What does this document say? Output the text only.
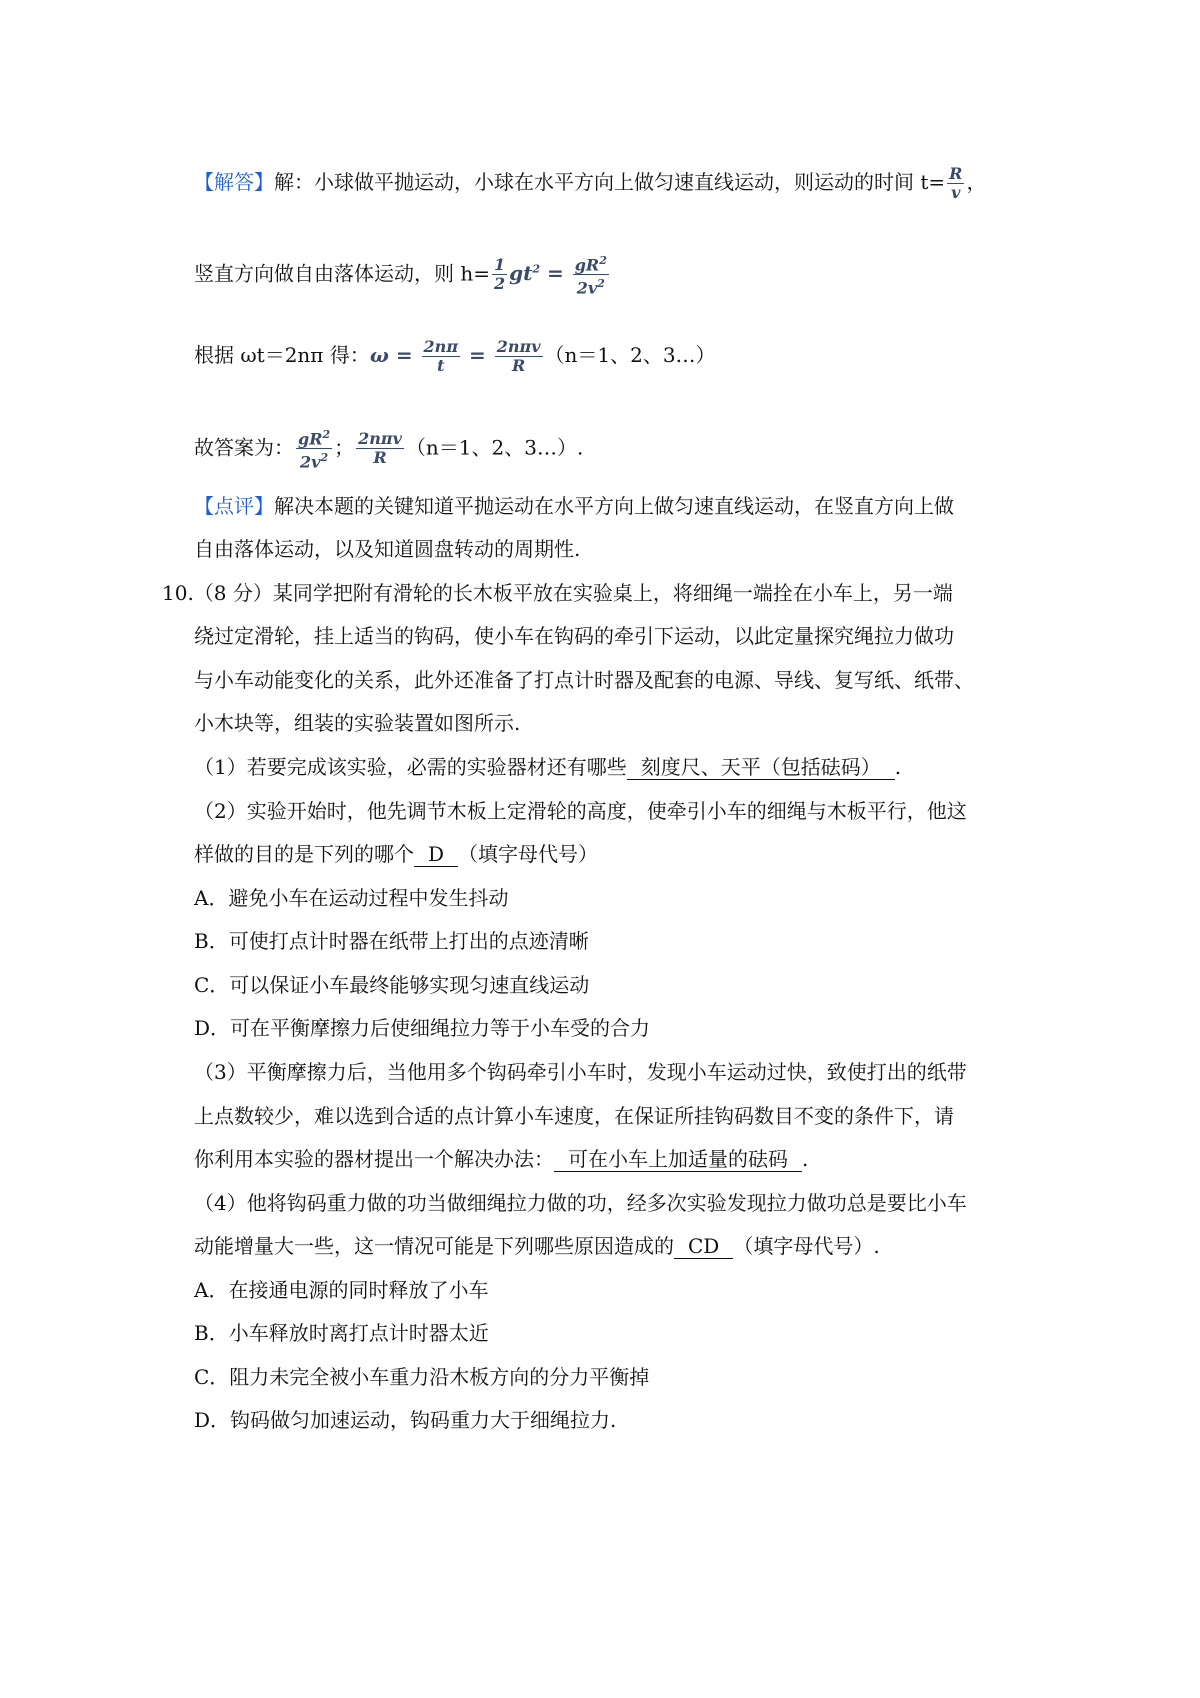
【解答】解：小球做平抛运动，小球在水平方向上做匀速直线运动，则运动的时间 $t= \frac{R}{v}$ ，
竖直方向做自由落体运动，则 $h= \frac{1}{2} gt^2 = \frac{gR^2}{2v^2}$
根据 ωt＝2nπ 得：$\omega = \frac{2n\pi}{t} = \frac{\text{2nπv}}{R} (n=1$、2、3…）
故答案为： $\frac{gR^2}{2v^2}$ ； $\frac{\text{2nπv}}{R} (n=1$、2、3…）.
【点评】解决本题的关键知道平抛运动在水平方向上做匀速直线运动，在竖直方向上做
自由落体运动，以及知道圆盘转动的周期性.
10.（8 分）某同学把附有滑轮的长木板平放在实验桌上，将细绳一端拴在小车上，另一端
绕过定滑轮，挂上适当的钩码，使小车在钩码的牵引下运动，以此定量探究绳拉力做功
与小车动能变化的关系，此外还准备了打点计时器及配套的电源、导线、复写纸、纸带、
小木块等，组装的实验装置如图所示.
（1）若要完成该实验，必需的实验器材还有哪些 刻度尺、天平（包括砝码） .
（2）实验开始时，他先调节木板上定滑轮的高度，使牵引小车的细绳与木板平行，他这
样做的目的是下列的哪个 D （填字母代号）
A．避免小车在运动过程中发生抖动
B．可使打点计时器在纸带上打出的点迹清晰
C．可以保证小车最终能够实现匀速直线运动
D．可在平衡摩擦力后使细绳拉力等于小车受的合力
（3）平衡摩擦力后，当他用多个钩码牵引小车时，发现小车运动过快，致使打出的纸带
上点数较少，难以选到合适的点计算小车速度，在保证所挂钩码数目不变的条件下，请
你利用本实验的器材提出一个解决办法： 可在小车上加适量的砝码 .
（4）他将钩码重力做的功当做细绳拉力做的功，经多次实验发现拉力做功总是要比小车
动能增量大一些，这一情况可能是下列哪些原因造成的 CD （填字母代号）.
A．在接通电源的同时释放了小车
B．小车释放时离打点计时器太近
C．阻力未完全被小车重力沿木板方向的分力平衡掉
D．钩码做匀加速运动，钩码重力大于细绳拉力.
